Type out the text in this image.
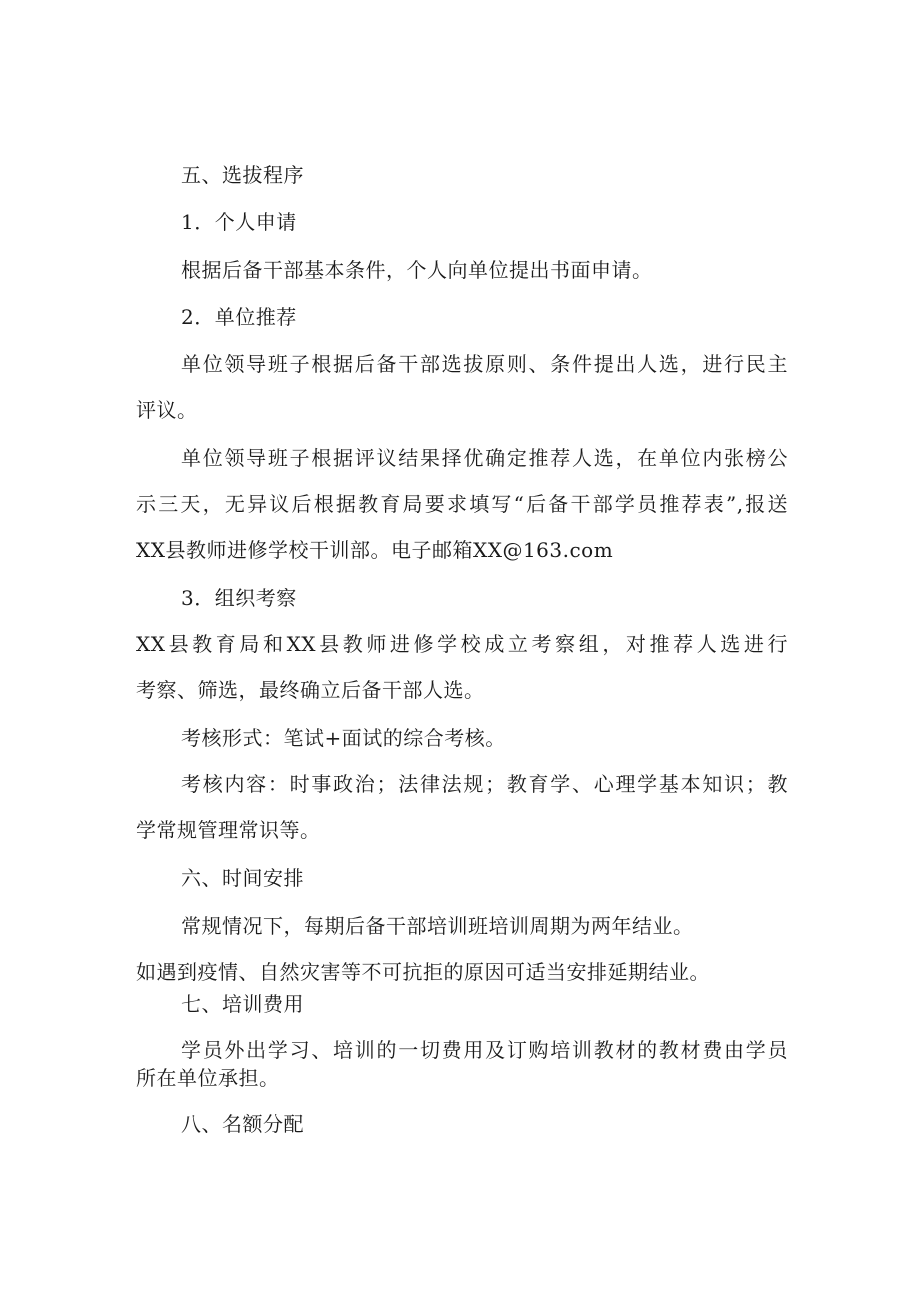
五、选拔程序
1．个人申请
根据后备干部基本条件，个人向单位提出书面申请。
2．单位推荐
单位领导班子根据后备干部选拔原则、条件提出人选，进行民主
评议。
单位领导班子根据评议结果择优确定推荐人选，在单位内张榜公
示三天，无异议后根据教育局要求填写“后备干部学员推荐表”,报送
XX县教师进修学校干训部。电子邮箱XX@163.com
3．组织考察
XX县教育局和XX县教师进修学校成立考察组，对推荐人选进行
考察、筛选，最终确立后备干部人选。
考核形式：笔试+面试的综合考核。
考核内容：时事政治；法律法规；教育学、心理学基本知识；教
学常规管理常识等。
六、时间安排
常规情况下，每期后备干部培训班培训周期为两年结业。
如遇到疫情、自然灾害等不可抗拒的原因可适当安排延期结业。
七、培训费用
学员外出学习、培训的一切费用及订购培训教材的教材费由学员
所在单位承担。
八、名额分配
